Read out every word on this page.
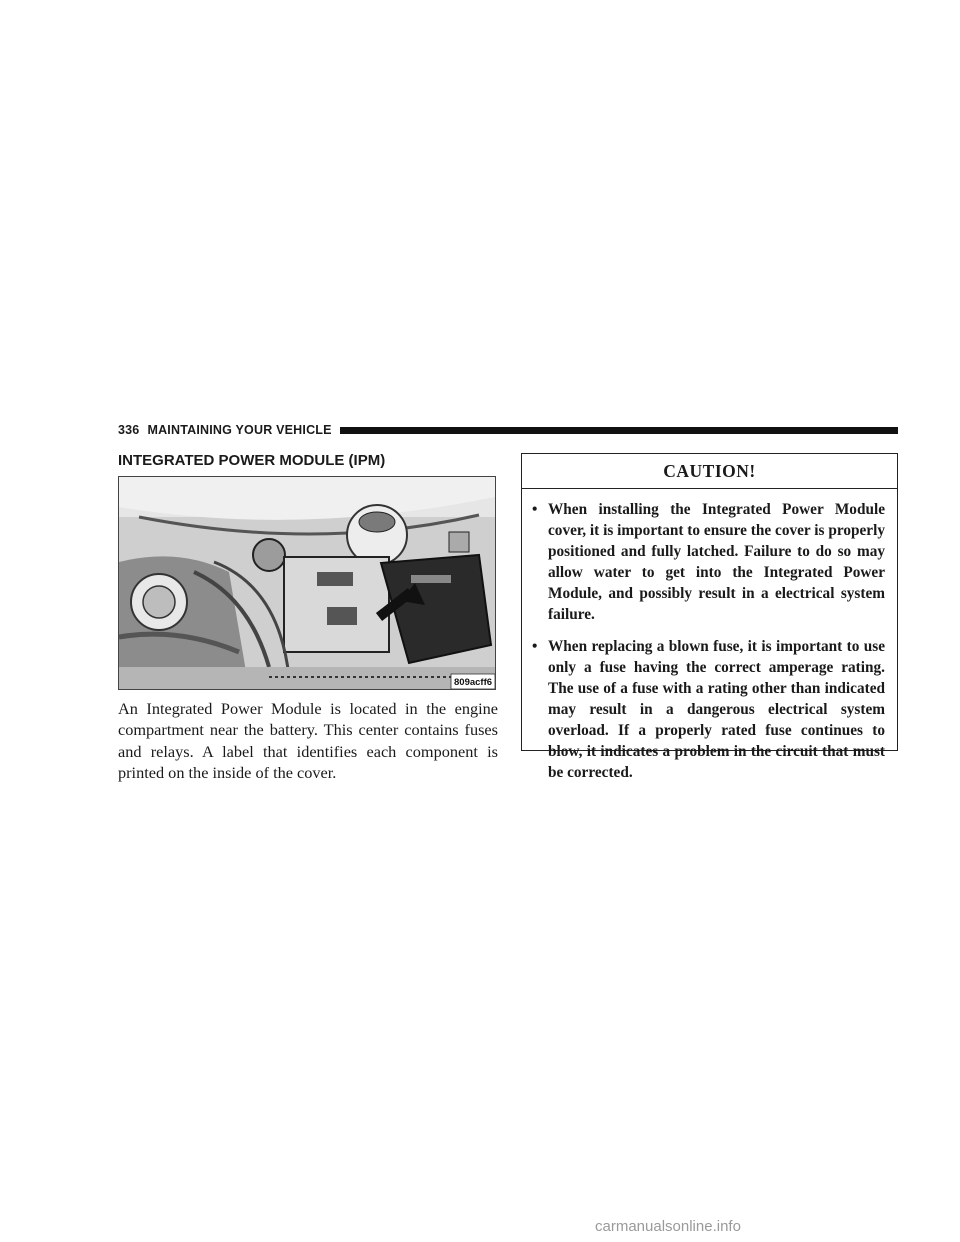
336 MAINTAINING YOUR VEHICLE
INTEGRATED POWER MODULE (IPM)
809acff6
An Integrated Power Module is located in the engine compartment near the battery. This center contains fuses and relays. A label that identifies each component is printed on the inside of the cover.
CAUTION!
• When installing the Integrated Power Module cover, it is important to ensure the cover is properly positioned and fully latched. Failure to do so may allow water to get into the Integrated Power Module, and possibly result in a electrical system failure.
• When replacing a blown fuse, it is important to use only a fuse having the correct amperage rating. The use of a fuse with a rating other than indicated may result in a dangerous electrical system overload. If a properly rated fuse continues to blow, it indicates a problem in the circuit that must be corrected.
carmanualsonline.info
